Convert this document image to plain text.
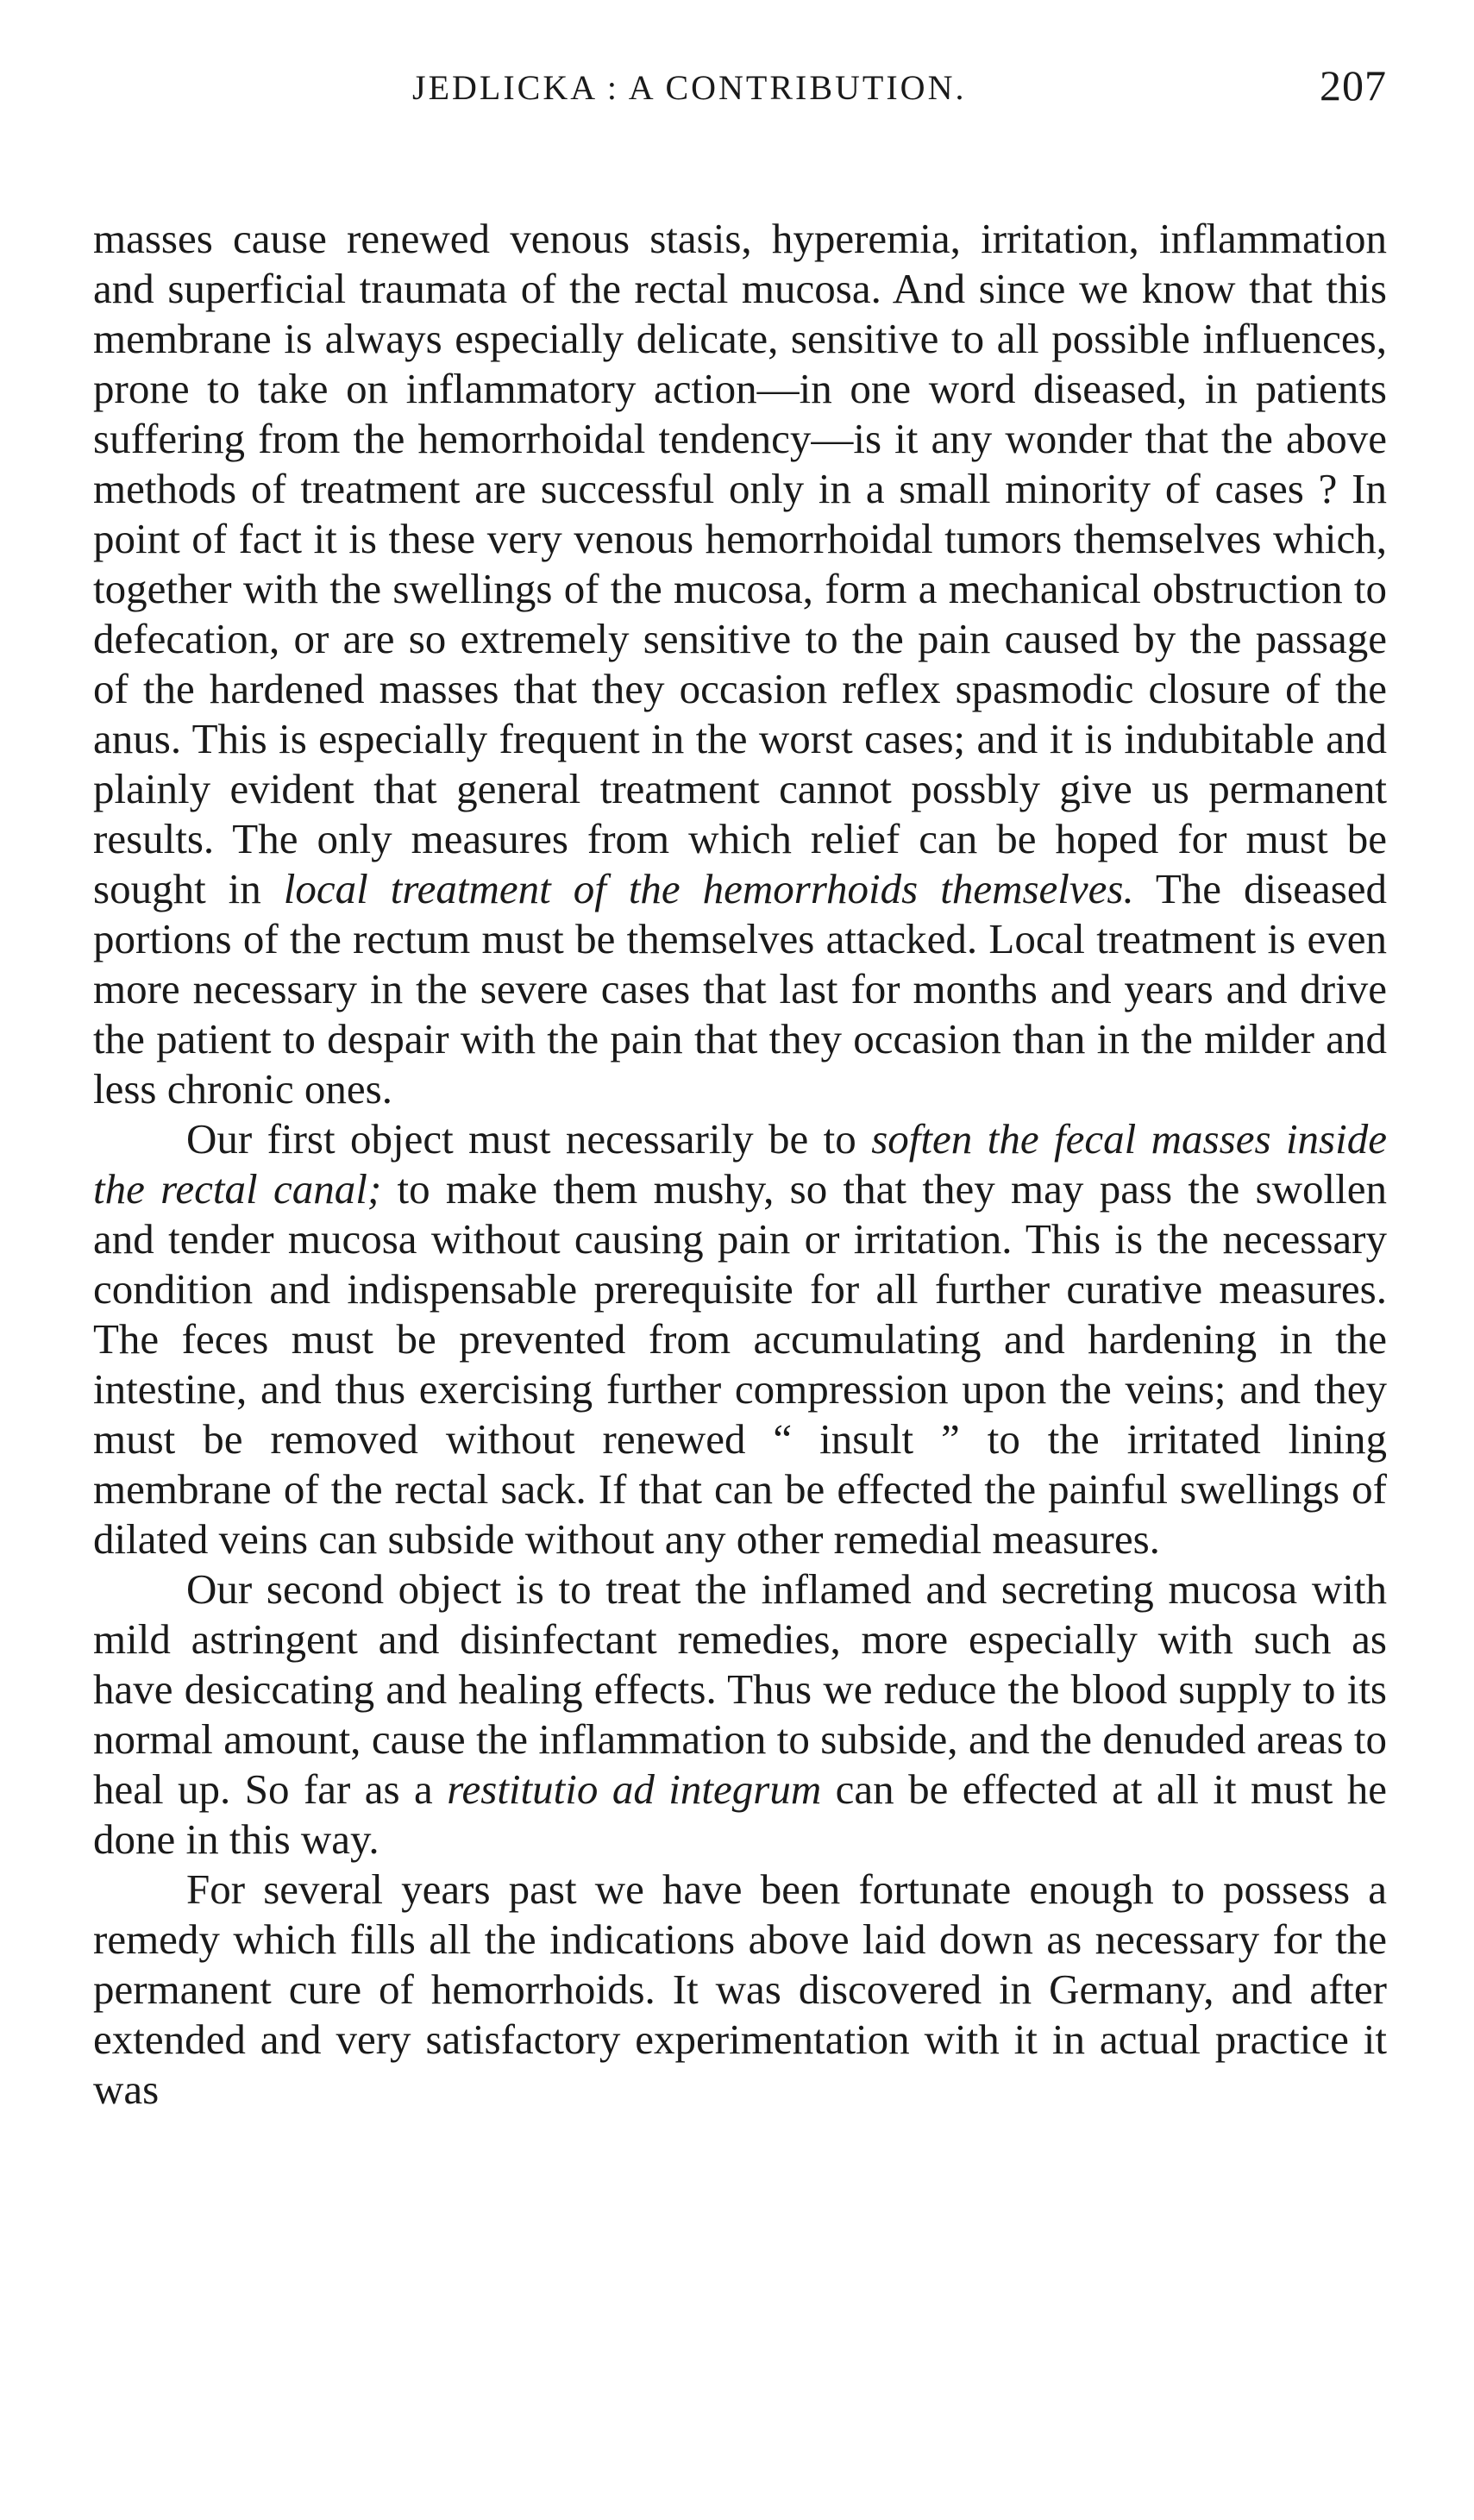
JEDLICKA : A CONTRIBUTION.	207

masses cause renewed venous stasis, hyperemia, irritation, inflammation and superficial traumata of the rectal mucosa. And since we know that this membrane is always especially delicate, sensitive to all possible influences, prone to take on inflammatory action—in one word diseased, in patients suffering from the hemorrhoidal tendency—is it any wonder that the above methods of treatment are successful only in a small minority of cases ? In point of fact it is these very venous hemorrhoidal tumors themselves which, together with the swellings of the mucosa, form a mechanical obstruction to defecation, or are so extremely sensitive to the pain caused by the passage of the hardened masses that they occasion reflex spasmodic closure of the anus. This is especially frequent in the worst cases; and it is indubitable and plainly evident that general treatment cannot possbly give us permanent results. The only measures from which relief can be hoped for must be sought in local treatment of the hemorrhoids themselves. The diseased portions of the rectum must be themselves attacked. Local treatment is even more necessary in the severe cases that last for months and years and drive the patient to despair with the pain that they occasion than in the milder and less chronic ones.

Our first object must necessarily be to soften the fecal masses inside the rectal canal; to make them mushy, so that they may pass the swollen and tender mucosa without causing pain or irritation. This is the necessary condition and indispensable prerequisite for all further curative measures. The feces must be prevented from accumulating and hardening in the intestine, and thus exercising further compression upon the veins; and they must be removed without renewed “ insult ” to the irritated lining membrane of the rectal sack. If that can be effected the painful swellings of dilated veins can subside without any other remedial measures.

Our second object is to treat the inflamed and secreting mucosa with mild astringent and disinfectant remedies, more especially with such as have desiccating and healing effects. Thus we reduce the blood supply to its normal amount, cause the inflammation to subside, and the denuded areas to heal up. So far as a restitutio ad integrum can be effected at all it must he done in this way.

For several years past we have been fortunate enough to possess a remedy which fills all the indications above laid down as necessary for the permanent cure of hemorrhoids. It was discovered in Germany, and after extended and very satisfactory experimentation with it in actual practice it was
